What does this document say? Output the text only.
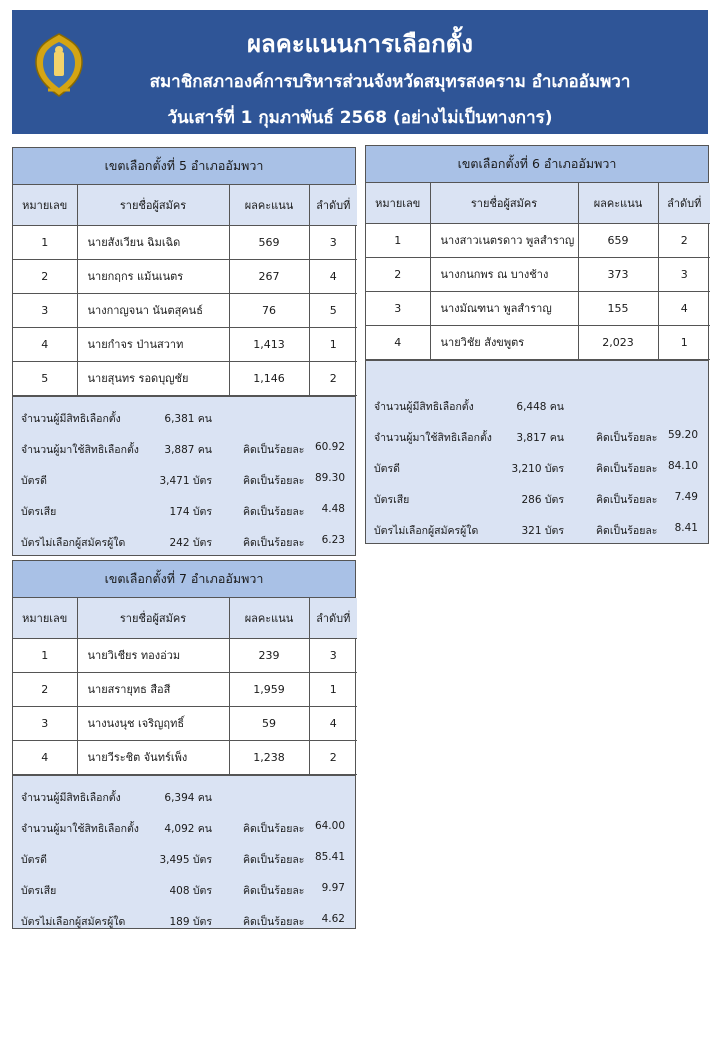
ผลคะแนนการเลือกตั้ง
สมาชิกสภาองค์การบริหารส่วนจังหวัดสมุทรสงคราม อำเภออัมพวา
วันเสาร์ที่ 1 กุมภาพันธ์ 2568 (อย่างไม่เป็นทางการ)
เขตเลือกตั้งที่ 5 อำเภออัมพวา
หมายเลข	รายชื่อผู้สมัคร	ผลคะแนน	ลำดับที่
1	นายสังเวียน ฉิมเฉิด	569	3
2	นายกฤกร แม้นเนตร	267	4
3	นางกาญจนา นันตสุคนธ์	76	5
4	นายกำจร ป่านสวาท	1,413	1
5	นายสุนทร รอดบุญชัย	1,146	2
จำนวนผู้มีสิทธิเลือกตั้ง	6,381 คน
จำนวนผู้มาใช้สิทธิเลือกตั้ง 3,887 คน	คิดเป็นร้อยละ 60.92
บัตรดี	3,471 บัตร	คิดเป็นร้อยละ 89.30
บัตรเสีย	174 บัตร	คิดเป็นร้อยละ 4.48
บัตรไม่เลือกผู้สมัครผู้ใด	242 บัตร	คิดเป็นร้อยละ 6.23
เขตเลือกตั้งที่ 6 อำเภออัมพวา
หมายเลข	รายชื่อผู้สมัคร	ผลคะแนน	ลำดับที่
1	นางสาวเนตรดาว พูลสำราญ	659	2
2	นางกนกพร ณ บางช้าง	373	3
3	นางมัณฑนา พูลสำราญ	155	4
4	นายวิชัย สังขพูตร	2,023	1
จำนวนผู้มีสิทธิเลือกตั้ง	6,448 คน
จำนวนผู้มาใช้สิทธิเลือกตั้ง 3,817 คน	คิดเป็นร้อยละ 59.20
บัตรดี	3,210 บัตร	คิดเป็นร้อยละ 84.10
บัตรเสีย	286 บัตร	คิดเป็นร้อยละ 7.49
บัตรไม่เลือกผู้สมัครผู้ใด	321 บัตร	คิดเป็นร้อยละ 8.41
เขตเลือกตั้งที่ 7 อำเภออัมพวา
หมายเลข	รายชื่อผู้สมัคร	ผลคะแนน	ลำดับที่
1	นายวิเชียร ทองอ่วม	239	3
2	นายสรายุทธ สือสี	1,959	1
3	นางนงนุช เจริญฤทธิ์	59	4
4	นายวีระชิต จันทร์เพ็ง	1,238	2
จำนวนผู้มีสิทธิเลือกตั้ง	6,394 คน
จำนวนผู้มาใช้สิทธิเลือกตั้ง 4,092 คน	คิดเป็นร้อยละ 64.00
บัตรดี	3,495 บัตร	คิดเป็นร้อยละ 85.41
บัตรเสีย	408 บัตร	คิดเป็นร้อยละ 9.97
บัตรไม่เลือกผู้สมัครผู้ใด	189 บัตร	คิดเป็นร้อยละ 4.62
